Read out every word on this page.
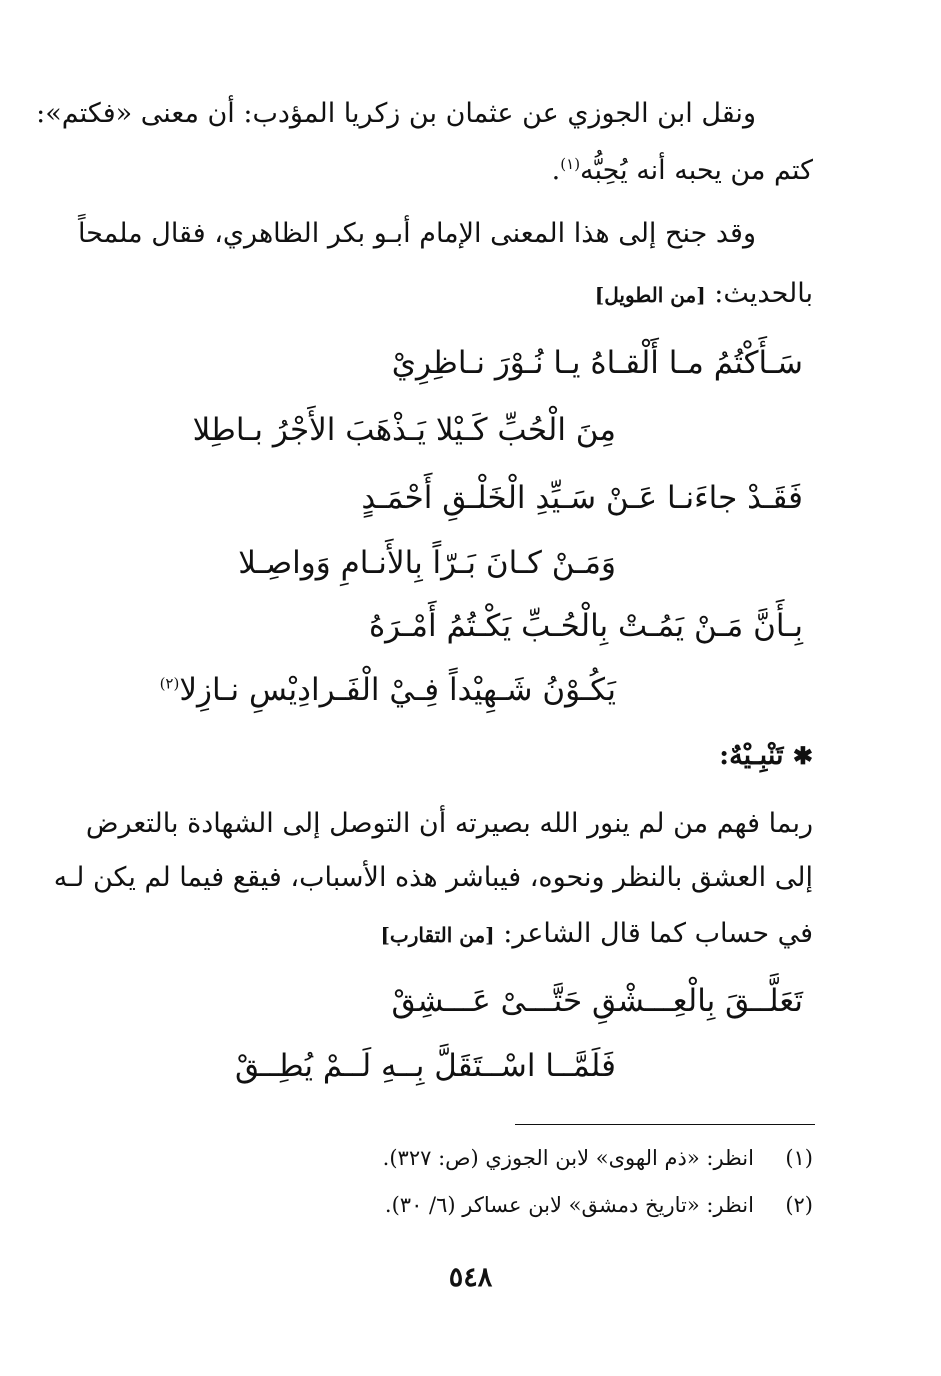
ونقل ابن الجوزي عن عثمان بن زكريا المؤدب: أن معنى «فكتم»:
كتم من يحبه أنه يُحِبُّه$^{(١)}$.
وقد جنح إلى هذا المعنى الإمام أبـو بكر الظاهري، فقال ملمحاً
بالحديث: [من الطويل]
سَـأَكْتُمُ مـا أَلْقـاهُ يـا نُـوْرَ نـاظِرِيْ
مِنَ الْحُبِّ كَـيْلا يَـذْهَبَ الأَجْرُ بـاطِلا
فَقَـدْ جاءَنـا عَـنْ سَـيِّدِ الْخَلْـقِ أَحْمَـدٍ
وَمَـنْ كـانَ بَـرّاً بِالأَنـامِ وَواصِـلا
بِـأَنَّ مَـنْ يَمُـتْ بِالْحُـبِّ يَكْـتُمُ أَمْـرَهُ
يَكُـوْنُ شَـهِيْداً فِـيْ الْفَـرادِيْسِ نـازِلا$^{(٢)}$
✱ تَنْبِـيْهٌ:
ربما فهم من لم ينور الله بصيرته أن التوصل إلى الشهادة بالتعرض
إلى العشق بالنظر ونحوه، فيباشر هذه الأسباب، فيقع فيما لم يكن لـه
في حساب كما قال الشاعر: [من التقارب]
تَعَلَّــقَ بِالْعِـــشْقِ حَتَّـــىْ عَـــشِقْ
فَلَمَّــا اسْــتَقَلَّ بِــهِ لَــمْ يُطِــقْ
(١)  انظر: «ذم الهوى» لابن الجوزي (ص: ٣٢٧).
(٢)  انظر: «تاريخ دمشق» لابن عساكر (٦/ ٣٠).
٥٤٨
